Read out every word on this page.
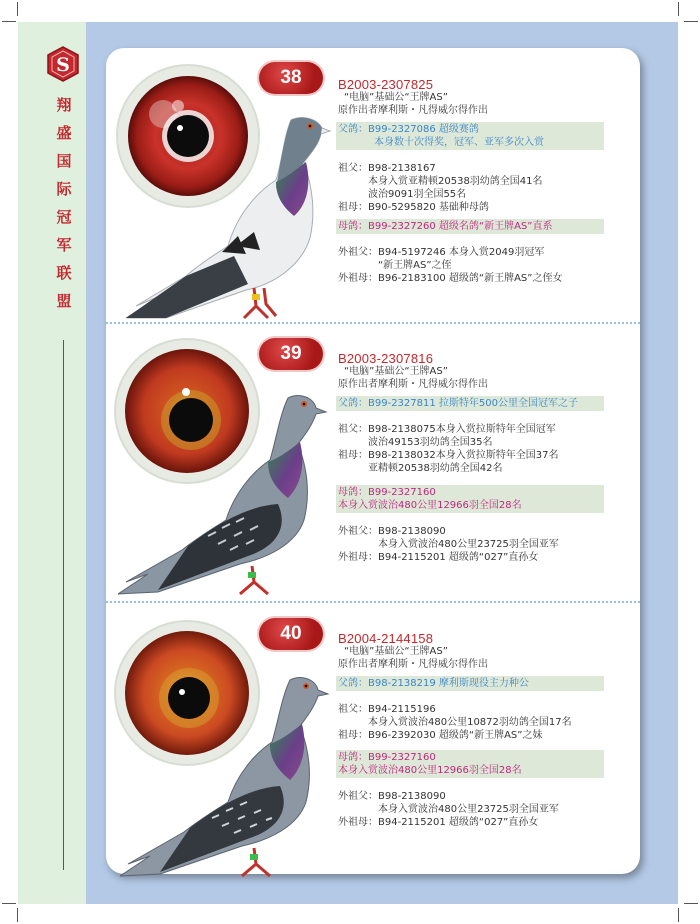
S
翔
盛
国
际
冠
军
联
盟
38	B2003-2307825
“电脑”基础公“王牌AS”
原作出者摩利斯・凡得威尔得作出
父鸽：B99-2327086 超级赛鸽
本身数十次得奖，冠军、亚军多次入赏
祖父：B98-2138167
本身入赏亚精顿20538羽幼鸽全国41名
波治9091羽全国55名
祖母：B90-5295820 基础种母鸽
母鸽：B99-2327260 超级名鸽“新王牌AS”直系
外祖父：B94-5197246 本身入赏2049羽冠军
“新王牌AS”之侄
外祖母：B96-2183100 超级鸽“新王牌AS”之侄女
39	B2003-2307816
“电脑”基础公“王牌AS”
原作出者摩利斯・凡得威尔得作出
父鸽：B99-2327811 拉斯特年500公里全国冠军之子
祖父：B98-2138075本身入赏拉斯特年全国冠军
波治49153羽幼鸽全国35名
祖母：B98-2138032本身入赏拉斯特年全国37名
亚精顿20538羽幼鸽全国42名
母鸽：B99-2327160
本身入赏波治480公里12966羽全国28名
外祖父：B98-2138090
本身入赏波治480公里23725羽全国亚军
外祖母：B94-2115201 超级鸽“027”直孙女
40	B2004-2144158
“电脑”基础公“王牌AS”
原作出者摩利斯・凡得威尔得作出
父鸽：B98-2138219 摩利斯现役主力种公
祖父：B94-2115196
本身入赏波治480公里10872羽幼鸽全国17名
祖母：B96-2392030 超级鸽“新王牌AS”之妹
母鸽：B99-2327160
本身入赏波治480公里12966羽全国28名
外祖父：B98-2138090
本身入赏波治480公里23725羽全国亚军
外祖母：B94-2115201 超级鸽“027”直孙女
